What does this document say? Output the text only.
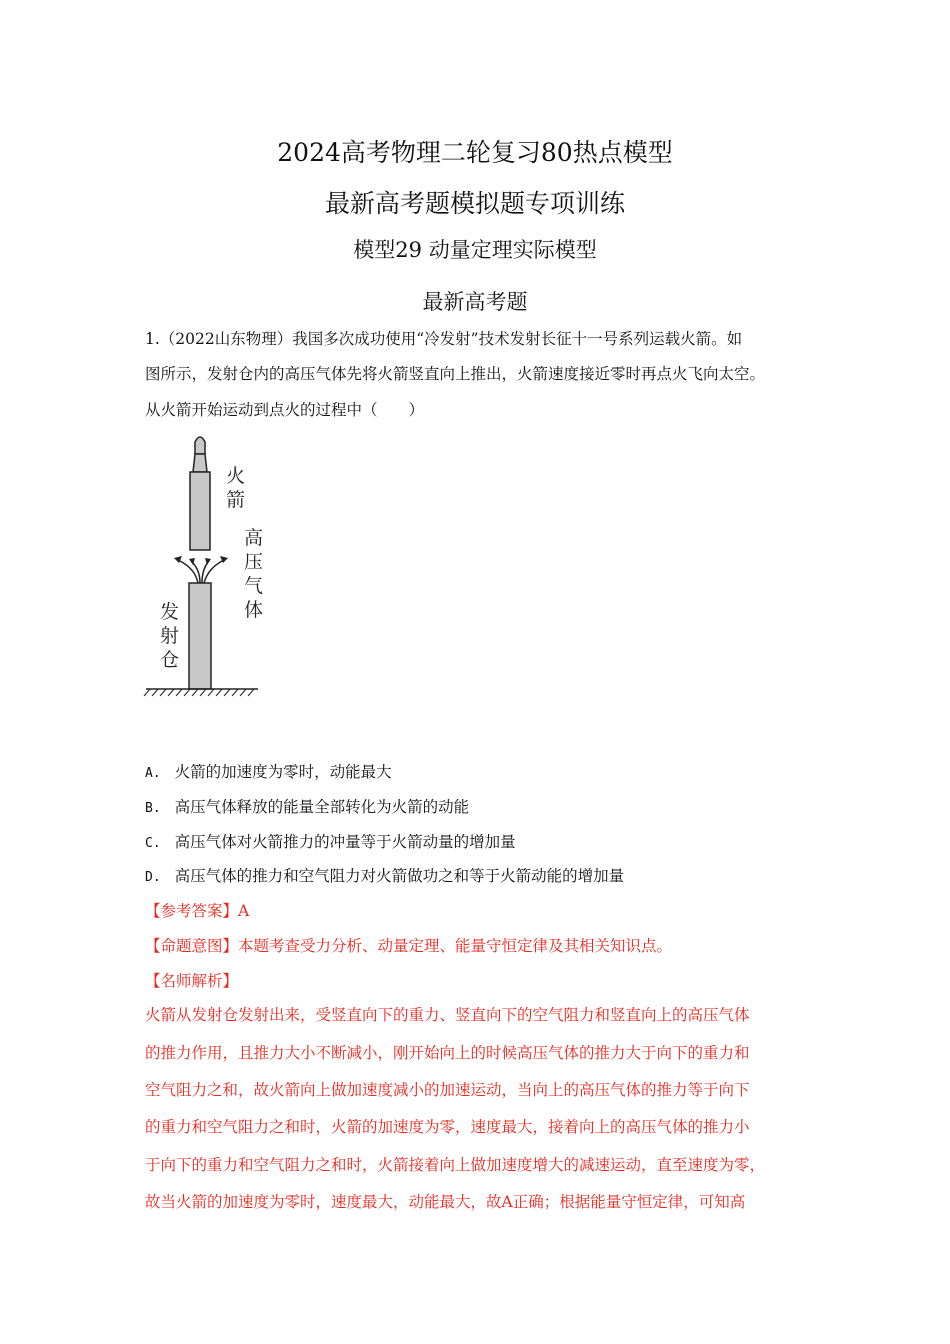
2024高考物理二轮复习80热点模型
最新高考题模拟题专项训练
模型29 动量定理实际模型
最新高考题
1.（2022山东物理）我国多次成功使用“冷发射”技术发射长征十一号系列运载火箭。如
图所示，发射仓内的高压气体先将火箭竖直向上推出，火箭速度接近零时再点火飞向太空。
从火箭开始运动到点火的过程中（　　）
火
箭
高
压
气
体
发
射
仓
A. 火箭的加速度为零时，动能最大
B. 高压气体释放的能量全部转化为火箭的动能
C. 高压气体对火箭推力的冲量等于火箭动量的增加量
D. 高压气体的推力和空气阻力对火箭做功之和等于火箭动能的增加量
【参考答案】A
【命题意图】本题考查受力分析、动量定理、能量守恒定律及其相关知识点。
【名师解析】
火箭从发射仓发射出来，受竖直向下的重力、竖直向下的空气阻力和竖直向上的高压气体
的推力作用，且推力大小不断减小，刚开始向上的时候高压气体的推力大于向下的重力和
空气阻力之和，故火箭向上做加速度减小的加速运动，当向上的高压气体的推力等于向下
的重力和空气阻力之和时，火箭的加速度为零，速度最大，接着向上的高压气体的推力小
于向下的重力和空气阻力之和时，火箭接着向上做加速度增大的减速运动，直至速度为零，
故当火箭的加速度为零时，速度最大，动能最大，故A正确；根据能量守恒定律，可知高
